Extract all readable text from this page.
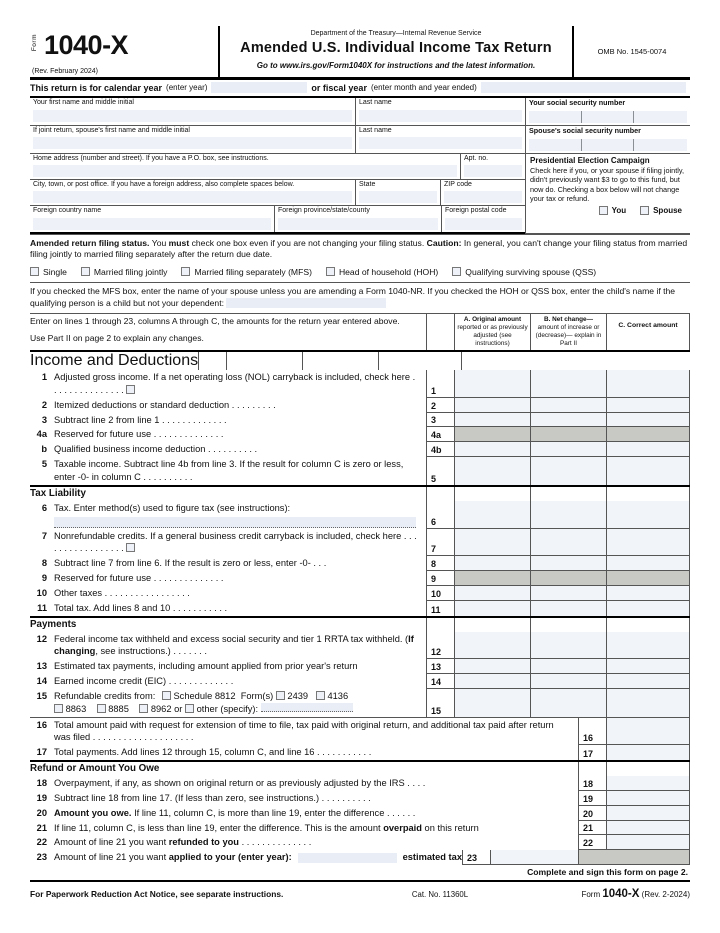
Form 1040-X
(Rev. February 2024)
Department of the Treasury—Internal Revenue Service
Amended U.S. Individual Income Tax Return
Go to www.irs.gov/Form1040X for instructions and the latest information.
OMB No. 1545-0074
This return is for calendar year (enter year)	or fiscal year (enter month and year ended)
Your first name and middle initial	Last name	Your social security number
If joint return, spouse's first name and middle initial	Last name	Spouse's social security number
Home address (number and street). If you have a P.O. box, see instructions.	Apt. no.
City, town, or post office. If you have a foreign address, also complete spaces below.	State	ZIP code
Foreign country name	Foreign province/state/county	Foreign postal code
Presidential Election Campaign
Check here if you, or your spouse if filing jointly, didn't previously want $3 to go to this fund, but now do. Checking a box below will not change your tax or refund.
You	Spouse
Amended return filing status. You must check one box even if you are not changing your filing status. Caution: In general, you can't change your filing status from married filing jointly to married filing separately after the return due date.
Single	Married filing jointly	Married filing separately (MFS)	Head of household (HOH)	Qualifying surviving spouse (QSS)
If you checked the MFS box, enter the name of your spouse unless you are amending a Form 1040-NR. If you checked the HOH or QSS box, enter the child's name if the qualifying person is a child but not your dependent:
Enter on lines 1 through 23, columns A through C, the amounts for the return year entered above.
Use Part II on page 2 to explain any changes.
A. Original amount
reported or as previously adjusted (see instructions)
B. Net change—
amount of increase or (decrease)— explain in Part II
C. Correct amount
Income and Deductions
1 Adjusted gross income. If a net operating loss (NOL) carryback is included, check here . . . . . . . . . . . . . . .	1
2 Itemized deductions or standard deduction . . . . . . . . .	2
3 Subtract line 2 from line 1 . . . . . . . . . . . . .	3
4a Reserved for future use . . . . . . . . . . . . . .	4a
b Qualified business income deduction . . . . . . . . . .	4b
5 Taxable income. Subtract line 4b from line 3. If the result for column C is zero or less, enter -0- in column C . . . . . . . . . .	5
Tax Liability
6 Tax. Enter method(s) used to figure tax (see instructions):
6
7 Nonrefundable credits. If a general business credit carryback is included, check here . . . . . . . . . . . . . . . . .	7
8 Subtract line 7 from line 6. If the result is zero or less, enter -0- . . .	8
9 Reserved for future use . . . . . . . . . . . . . .	9
10 Other taxes . . . . . . . . . . . . . . . . .	10
11 Total tax. Add lines 8 and 10 . . . . . . . . . . .	11
Payments
12 Federal income tax withheld and excess social security and tier 1 RRTA tax withheld. (If changing, see instructions.) . . . . . . .	12
13 Estimated tax payments, including amount applied from prior year's return	13
14 Earned income credit (EIC) . . . . . . . . . . . . .	14
15 Refundable credits from: Schedule 8812 Form(s) 2439 4136
8863 8885 8962 or other (specify):	15
16 Total amount paid with request for extension of time to file, tax paid with original return, and additional tax paid after return was filed . . . . . . . . . . . . . . . . . . . .	16
17 Total payments. Add lines 12 through 15, column C, and line 16 . . . . . . . . . . .	17
Refund or Amount You Owe
18 Overpayment, if any, as shown on original return or as previously adjusted by the IRS . . . .	18
19 Subtract line 18 from line 17. (If less than zero, see instructions.) . . . . . . . . . .	19
20 Amount you owe. If line 11, column C, is more than line 19, enter the difference . . . . . .	20
21 If line 11, column C, is less than line 19, enter the difference. This is the amount overpaid on this return	21
22 Amount of line 21 you want refunded to you . . . . . . . . . . . . . .	22
23 Amount of line 21 you want applied to your (enter year):	estimated tax 23
Complete and sign this form on page 2.
For Paperwork Reduction Act Notice, see separate instructions.	Cat. No. 11360L	Form 1040-X (Rev. 2-2024)
